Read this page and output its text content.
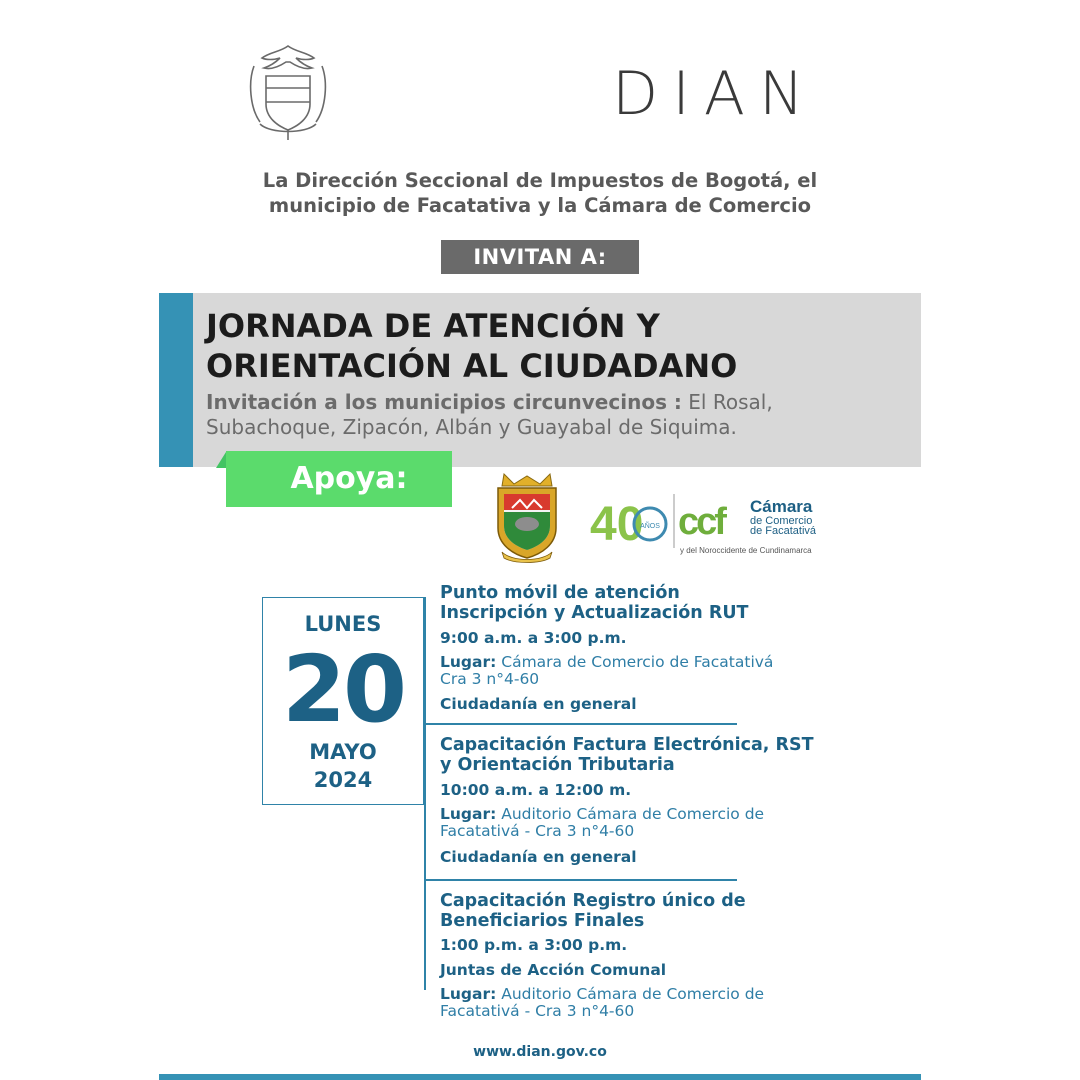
DIAN
La Dirección Seccional de Impuestos de Bogotá, el
municipio de Facatativa y la Cámara de Comercio
INVITAN A:
JORNADA DE ATENCIÓN Y
ORIENTACIÓN AL CIUDADANO
Invitación a los municipios circunvecinos : El Rosal,
Subachoque, Zipacón, Albán y Guayabal de Siquima.
Apoya:
40
AÑOS ccf Cámara
de Comercio
de Facatativá
y del Noroccidente de Cundinamarca
LUNES
20
MAYO
2024
Punto móvil de atención
Inscripción y Actualización RUT
9:00 a.m. a 3:00 p.m.
Lugar: Cámara de Comercio de Facatativá
Cra 3 n°4-60
Ciudadanía en general
Capacitación Factura Electrónica, RST
y Orientación Tributaria
10:00 a.m. a 12:00 m.
Lugar: Auditorio Cámara de Comercio de
Facatativá - Cra 3 n°4-60
Ciudadanía en general
Capacitación Registro único de
Beneficiarios Finales
1:00 p.m. a 3:00 p.m.
Juntas de Acción Comunal
Lugar: Auditorio Cámara de Comercio de
Facatativá - Cra 3 n°4-60
www.dian.gov.co
